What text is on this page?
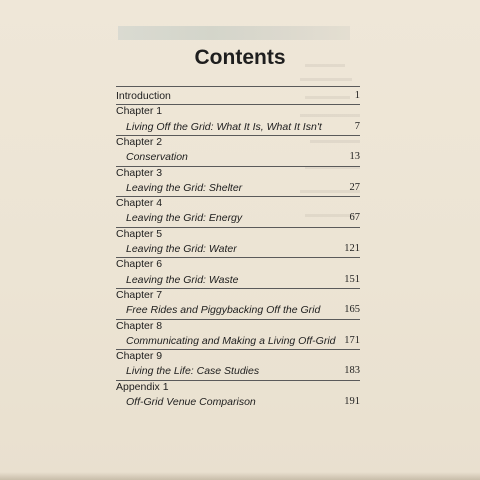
Contents
Introduction	1
Chapter 1
Living Off the Grid: What It Is, What It Isn't	7
Chapter 2
Conservation	13
Chapter 3
Leaving the Grid: Shelter	27
Chapter 4
Leaving the Grid: Energy	67
Chapter 5
Leaving the Grid: Water	121
Chapter 6
Leaving the Grid: Waste	151
Chapter 7
Free Rides and Piggybacking Off the Grid 165
Chapter 8
Communicating and Making a Living Off-Grid 171
Chapter 9
Living the Life: Case Studies	183
Appendix 1
Off-Grid Venue Comparison	191
